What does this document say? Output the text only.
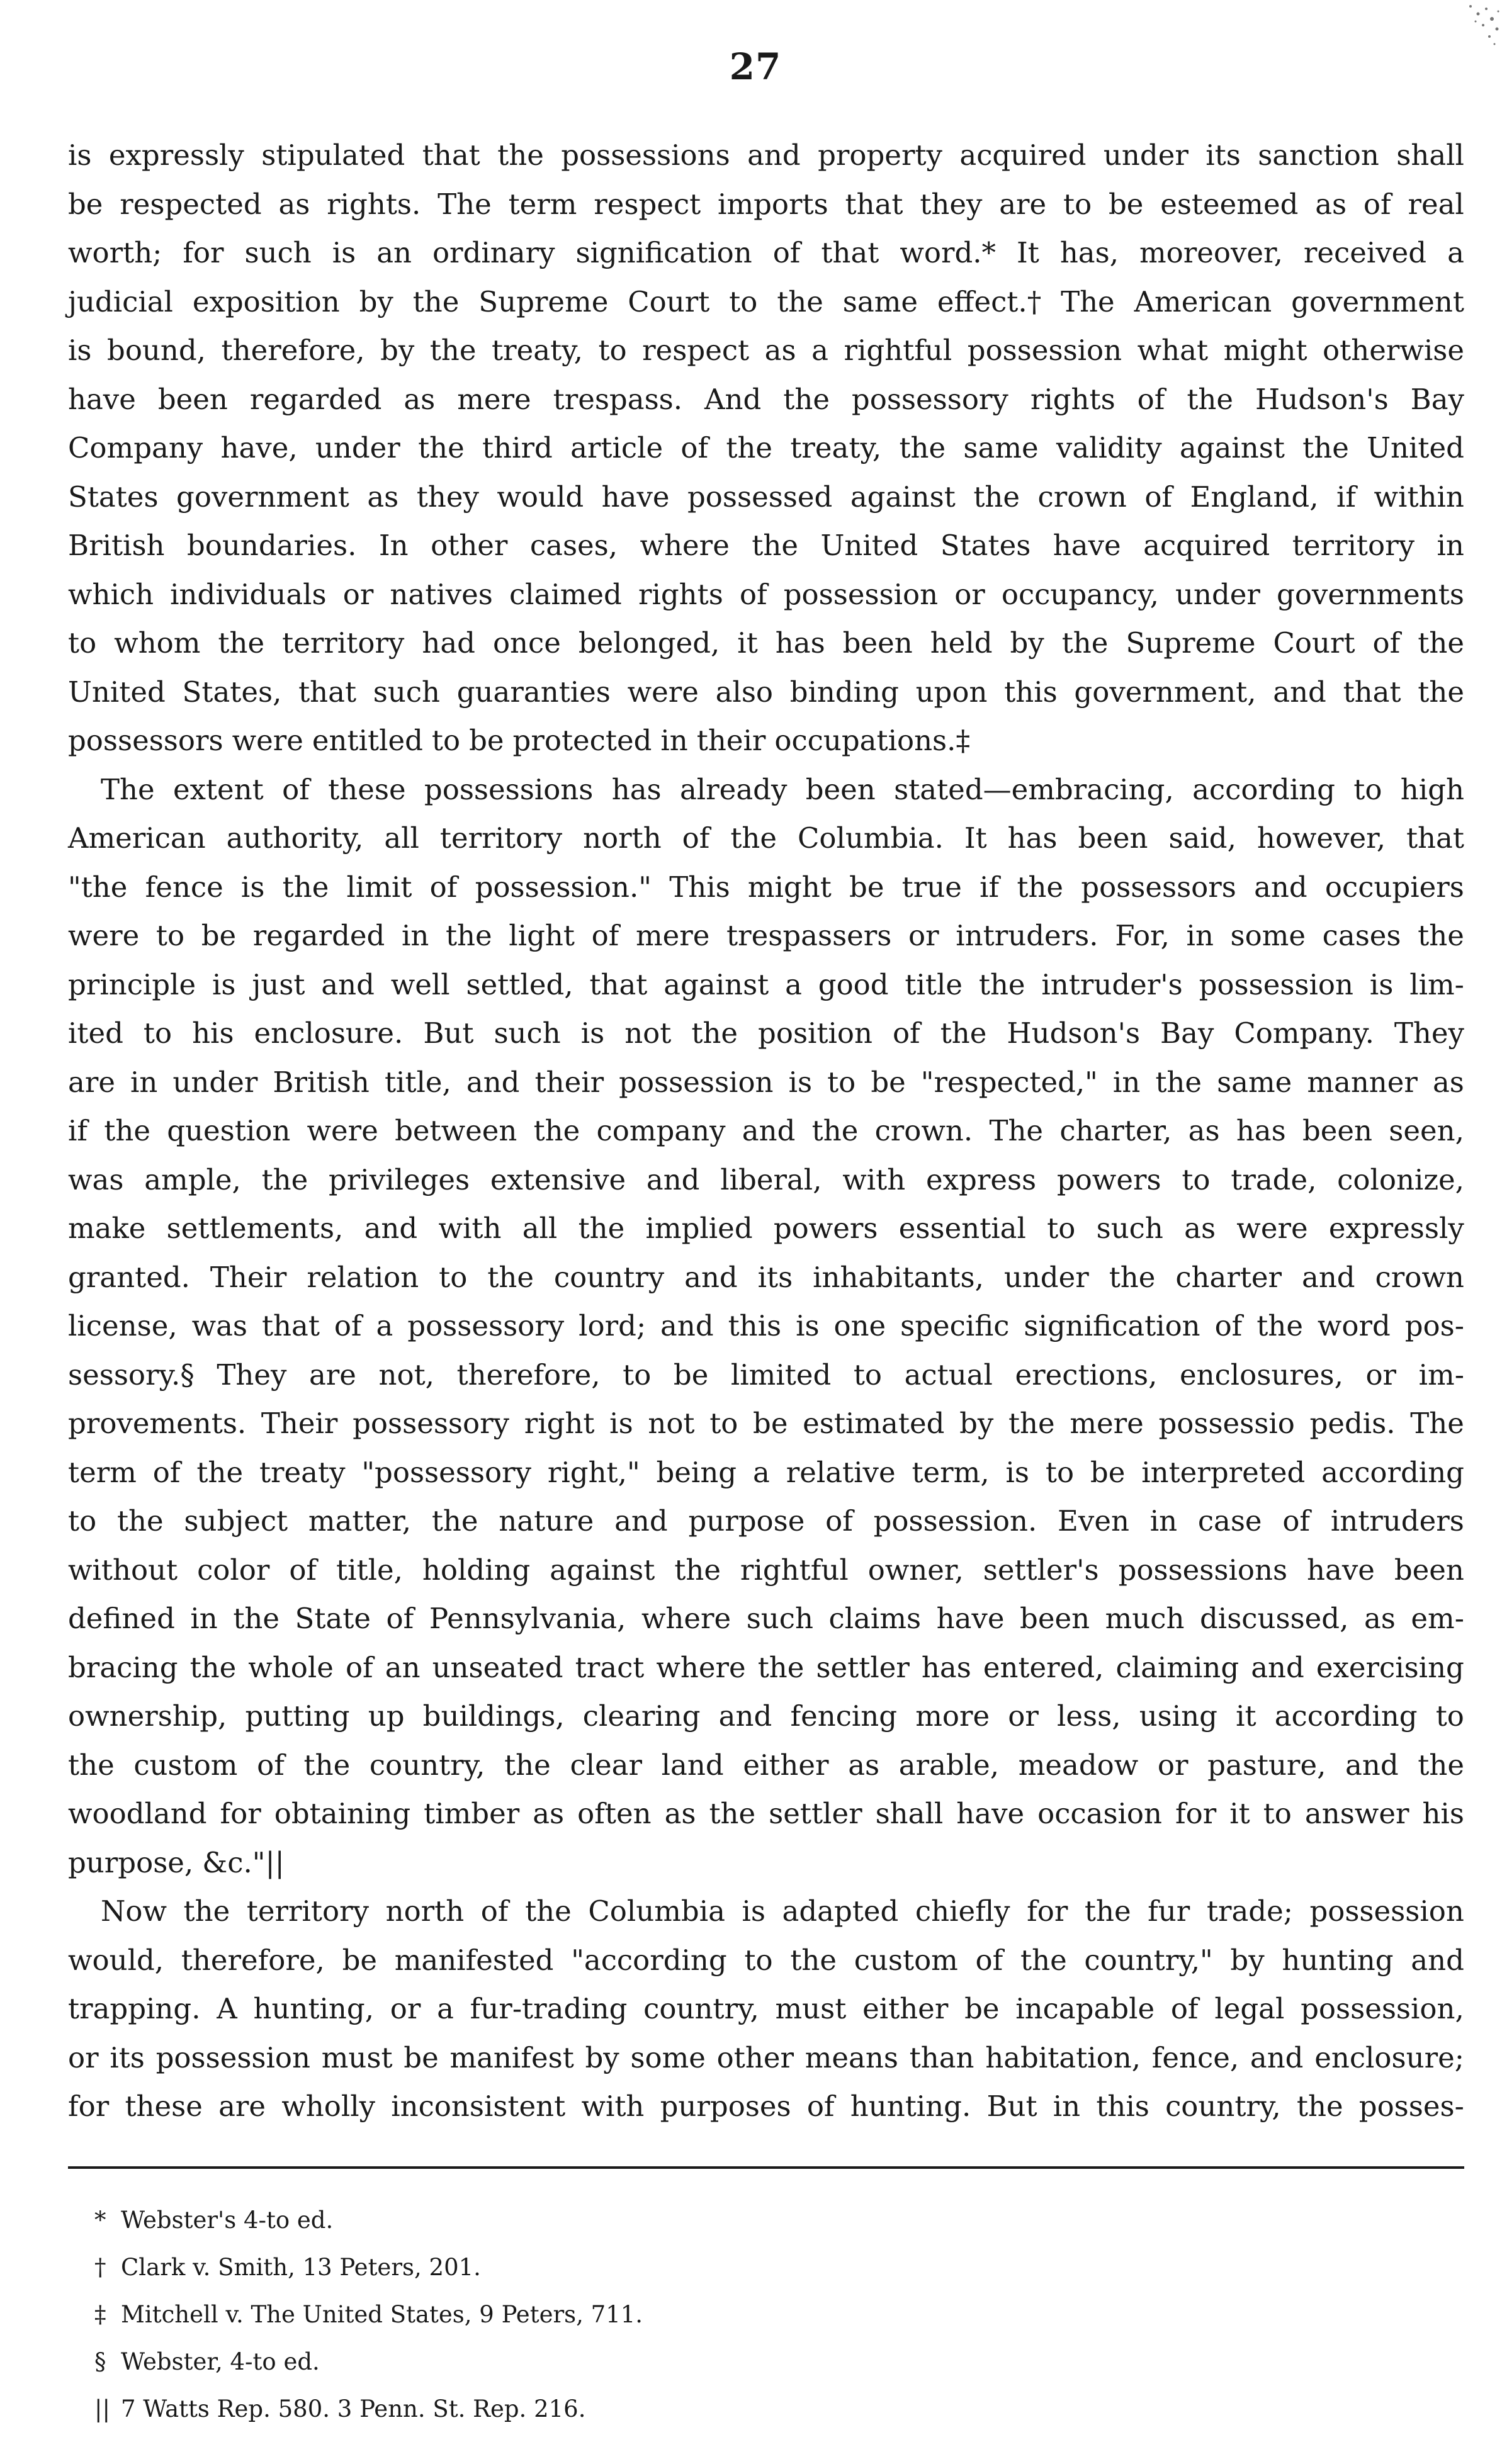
27
is expressly stipulated that the possessions and property acquired under its sanction shall
be respected as rights. The term respect imports that they are to be esteemed as of real
worth; for such is an ordinary signification of that word.* It has, moreover, received a
judicial exposition by the Supreme Court to the same effect.† The American government
is bound, therefore, by the treaty, to respect as a rightful possession what might otherwise
have been regarded as mere trespass. And the possessory rights of the Hudson's Bay
Company have, under the third article of the treaty, the same validity against the United
States government as they would have possessed against the crown of England, if within
British boundaries. In other cases, where the United States have acquired territory in
which individuals or natives claimed rights of possession or occupancy, under governments
to whom the territory had once belonged, it has been held by the Supreme Court of the
United States, that such guaranties were also binding upon this government, and that the
possessors were entitled to be protected in their occupations.‡
The extent of these possessions has already been stated—embracing, according to high
American authority, all territory north of the Columbia. It has been said, however, that
"the fence is the limit of possession." This might be true if the possessors and occupiers
were to be regarded in the light of mere trespassers or intruders. For, in some cases the
principle is just and well settled, that against a good title the intruder's possession is lim-
ited to his enclosure. But such is not the position of the Hudson's Bay Company. They
are in under British title, and their possession is to be "respected," in the same manner as
if the question were between the company and the crown. The charter, as has been seen,
was ample, the privileges extensive and liberal, with express powers to trade, colonize,
make settlements, and with all the implied powers essential to such as were expressly
granted. Their relation to the country and its inhabitants, under the charter and crown
license, was that of a possessory lord; and this is one specific signification of the word pos-
sessory.§ They are not, therefore, to be limited to actual erections, enclosures, or im-
provements. Their possessory right is not to be estimated by the mere possessio pedis. The
term of the treaty "possessory right," being a relative term, is to be interpreted according
to the subject matter, the nature and purpose of possession. Even in case of intruders
without color of title, holding against the rightful owner, settler's possessions have been
defined in the State of Pennsylvania, where such claims have been much discussed, as em-
bracing the whole of an unseated tract where the settler has entered, claiming and exercising
ownership, putting up buildings, clearing and fencing more or less, using it according to
the custom of the country, the clear land either as arable, meadow or pasture, and the
woodland for obtaining timber as often as the settler shall have occasion for it to answer his
purpose, &c."||
Now the territory north of the Columbia is adapted chiefly for the fur trade; possession
would, therefore, be manifested "according to the custom of the country," by hunting and
trapping. A hunting, or a fur-trading country, must either be incapable of legal possession,
or its possession must be manifest by some other means than habitation, fence, and enclosure;
for these are wholly inconsistent with purposes of hunting. But in this country, the posses-
* Webster's 4-to ed.
† Clark v. Smith, 13 Peters, 201.
‡ Mitchell v. The United States, 9 Peters, 711.
§ Webster, 4-to ed.
|| 7 Watts Rep. 580. 3 Penn. St. Rep. 216.
